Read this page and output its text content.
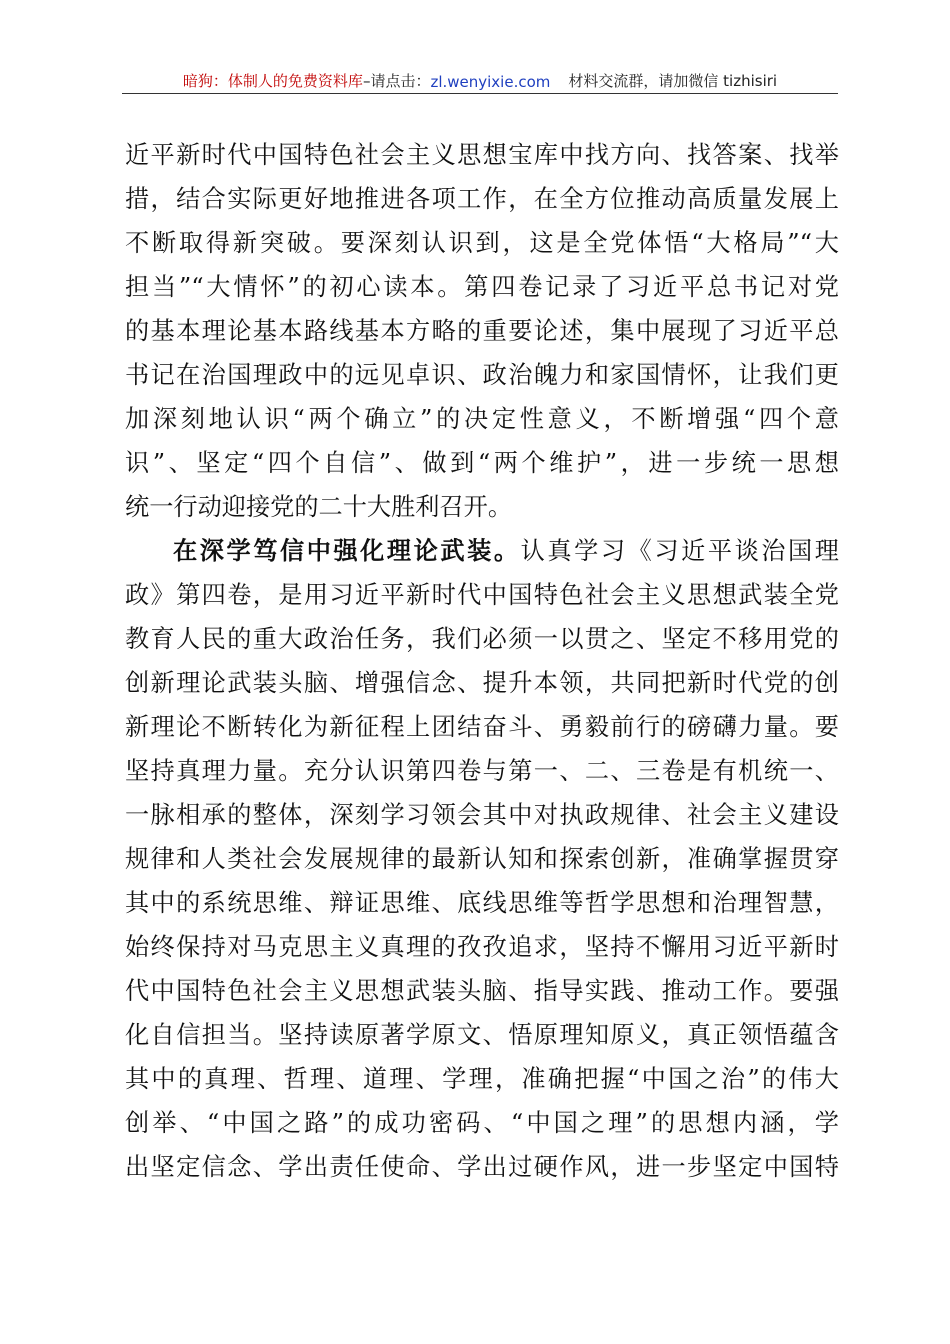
暗狗：体制人的免费资料库 –请点击： zl.wenyixie.com 材料交流群，请加微信 tizhisiri
近平新时代中国特色社会主义思想宝库中找方向、找答案、找举
措，结合实际更好地推进各项工作，在全方位推动高质量发展上
不断取得新突破。要深刻认识到，这是全党体悟“大格局”“大
担当”“大情怀”的初心读本。第四卷记录了习近平总书记对党
的基本理论基本路线基本方略的重要论述，集中展现了习近平总
书记在治国理政中的远见卓识、政治魄力和家国情怀，让我们更
加深刻地认识“两个确立”的决定性意义，不断增强“四个意
识”、坚定“四个自信”、做到“两个维护”，进一步统一思想
统一行动迎接党的二十大胜利召开。
在深学笃信中强化理论武装。认真学习《习近平谈治国理
政》第四卷，是用习近平新时代中国特色社会主义思想武装全党
教育人民的重大政治任务，我们必须一以贯之、坚定不移用党的
创新理论武装头脑、增强信念、提升本领，共同把新时代党的创
新理论不断转化为新征程上团结奋斗、勇毅前行的磅礴力量。要
坚持真理力量。充分认识第四卷与第一、二、三卷是有机统一、
一脉相承的整体，深刻学习领会其中对执政规律、社会主义建设
规律和人类社会发展规律的最新认知和探索创新，准确掌握贯穿
其中的系统思维、辩证思维、底线思维等哲学思想和治理智慧，
始终保持对马克思主义真理的孜孜追求，坚持不懈用习近平新时
代中国特色社会主义思想武装头脑、指导实践、推动工作。要强
化自信担当。坚持读原著学原文、悟原理知原义，真正领悟蕴含
其中的真理、哲理、道理、学理，准确把握“中国之治”的伟大
创举、“中国之路”的成功密码、“中国之理”的思想内涵，学
出坚定信念、学出责任使命、学出过硬作风，进一步坚定中国特
